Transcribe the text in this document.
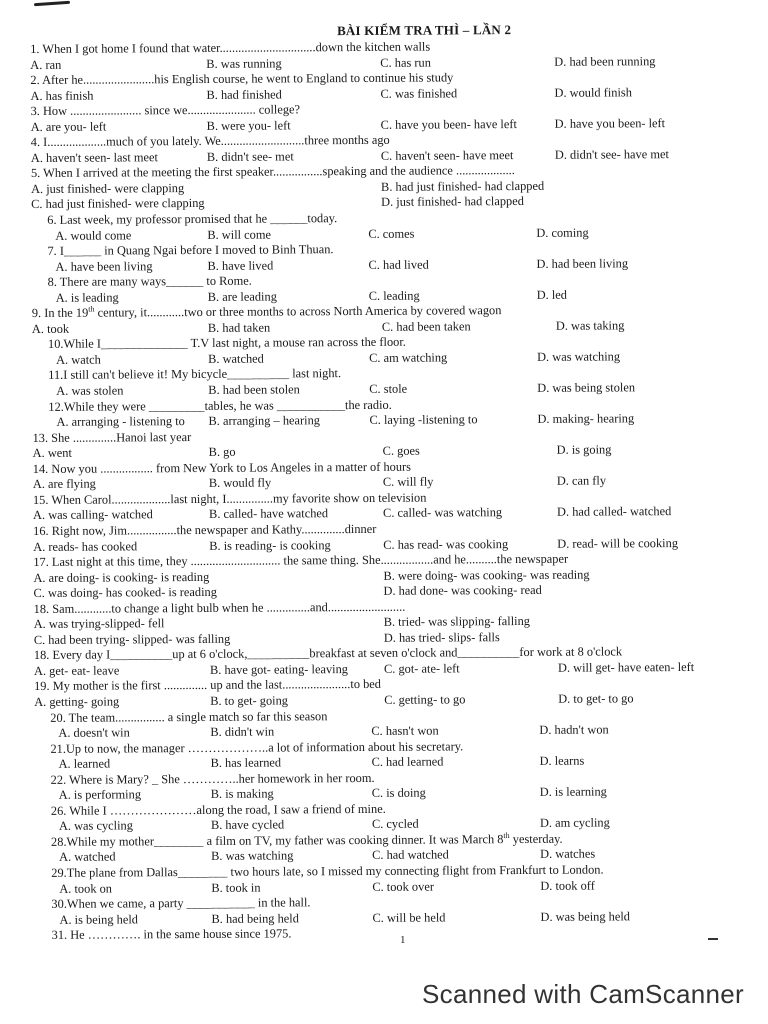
BÀI KIỂM TRA THÌ – LẦN 2
1. When I got home I found that water...............................down the kitchen walls
A. ran	B. was running	C. has run	D. had been running
2. After he.......................his English course, he went to England to continue his study
A. has finish	B. had finished	C. was finished	D. would finish
3. How ....................... since we...................... college?
A. are you- left	B. were you- left	C. have you been- have left	D. have you been- left
4. I...................much of you lately. We...........................three months ago
A. haven't seen- last meet	B. didn't see- met	C. haven't seen- have meet	D. didn't see- have met
5. When I arrived at the meeting the first speaker................speaking and the audience ...................
A. just finished- were clapping	B. had just finished- had clapped
C. had just finished- were clapping	D. just finished- had clapped
6. Last week, my professor promised that he ______today.
A. would come	B. will come	C. comes	D. coming
7. I______ in Quang Ngai before I moved to Binh Thuan.
A. have been living	B. have lived	C. had lived	D. had been living
8. There are many ways______ to Rome.
A. is leading	B. are leading	C. leading	D. led
9. In the 19th century, it............two or three months to across North America by covered wagon
A. took	B. had taken	C. had been taken	D. was taking
10.While I______________ T.V last night, a mouse ran across the floor.
A. watch	B. watched	C. am watching	D. was watching
11.I still can't believe it! My bicycle__________ last night.
A. was stolen	B. had been stolen	C. stole	D. was being stolen
12.While they were _________tables, he was ___________the radio.
A. arranging - listening to B. arranging – hearing	C. laying -listening to	D. making- hearing
13. She ..............Hanoi last year
A. went	B. go	C. goes	D. is going
14. Now you ................. from New York to Los Angeles in a matter of hours
A. are flying	B. would fly	C. will fly	D. can fly
15. When Carol...................last night, I...............my favorite show on television
A. was calling- watched	B. called- have watched	C. called- was watching	D. had called- watched
16. Right now, Jim................the newspaper and Kathy..............dinner
A. reads- has cooked	B. is reading- is cooking	C. has read- was cooking	D. read- will be cooking
17. Last night at this time, they ............................. the same thing. She.................and he..........the newspaper
A. are doing- is cooking- is reading	B. were doing- was cooking- was reading
C. was doing- has cooked- is reading	D. had done- was cooking- read
18. Sam............to change a light bulb when he ..............and.........................
A. was trying-slipped- fell	B. tried- was slipping- falling
C. had been trying- slipped- was falling	D. has tried- slips- falls
18. Every day I__________up at 6 o'clock,__________breakfast at seven o'clock and__________for work at 8 o'clock
A. get- eat- leave	B. have got- eating- leaving	C. got- ate- left	D. will get- have eaten- left
19. My mother is the first .............. up and the last......................to bed
A. getting- going	B. to get- going	C. getting- to go	D. to get- to go
20. The team................ a single match so far this season
A. doesn't win	B. didn't win	C. hasn't won	D. hadn't won
21.Up to now, the manager ………………..a lot of information about his secretary.
A. learned	B. has learned	C. had learned	D. learns
22. Where is Mary? _ She …………..her homework in her room.
A. is performing	B. is making	C. is doing	D. is learning
26. While I …………………along the road, I saw a friend of mine.
A. was cycling	B. have cycled	C. cycled	D. am cycling
28.While my mother________ a film on TV, my father was cooking dinner. It was March 8th yesterday.
A. watched	B. was watching	C. had watched	D. watches
29.The plane from Dallas________ two hours late, so I missed my connecting flight from Frankfurt to London.
A. took on	B. took in	C. took over	D. took off
30.When we came, a party ___________ in the hall.
A. is being held	B. had being held	C. will be held	D. was being held
31. He …………. in the same house since 1975.	1
Scanned with CamScanner
